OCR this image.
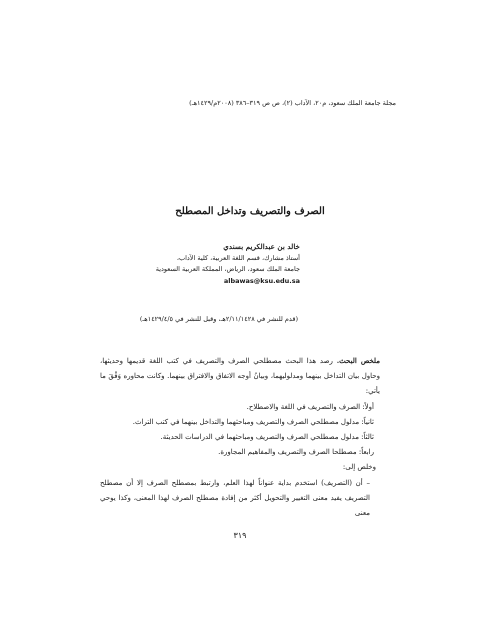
مجلة جامعة الملك سعود، م٢٠، الآداب (٢)، ص ص ٣١٩–٣٨٦ (٢٠٠٨م/١٤٢٩هـ)
الصرف والتصريف وتداخل المصطلح
خالد بن عبدالكريم بسندي
أستاذ مشارك، قسم اللغة العربية، كلية الآداب،
جامعة الملك سعود، الرياض، المملكة العربية السعودية
albawas@ksu.edu.sa
(قدم للنشر في ٢/١١/١٤٢٨هـ، وقبل للنشر في ١٤٢٩/٤/٥هـ)

ملخص البحث. رصد هذا البحث مصطلحي الصرف والتصريف في كتب اللغة قديمها وحديثها، وحاول بيان التداخل بينهما ومدلوليهما، وبيانُ أوجه الاتفاق والافتراق بينهما. وكانت محاوره وَفْقَ ما يأتي:

أولاً: الصرف والتصريف في اللغة والاصطلاح.

ثانياً: مدلول مصطلحي الصرف والتصريف ومباحثهما والتداخل بينهما في كتب التراث.

ثالثاً: مدلول مصطلحي الصرف والتصريف ومباحثهما في الدراسات الحديثة.

رابعاً: مصطلحا الصرف والتصريف والمفاهيم المجاورة.

وخلص إلى:

– أن (التصريف) استخدم بداية عنواناً لهذا العلم، وارتبط بمصطلح الصرف إلا أن مصطلح التصريف يفيد معنى التغيير والتحويل أكثر من إفادة مصطلح الصرف لهذا المعنى، وكذا يوحي معنى

٣١٩
